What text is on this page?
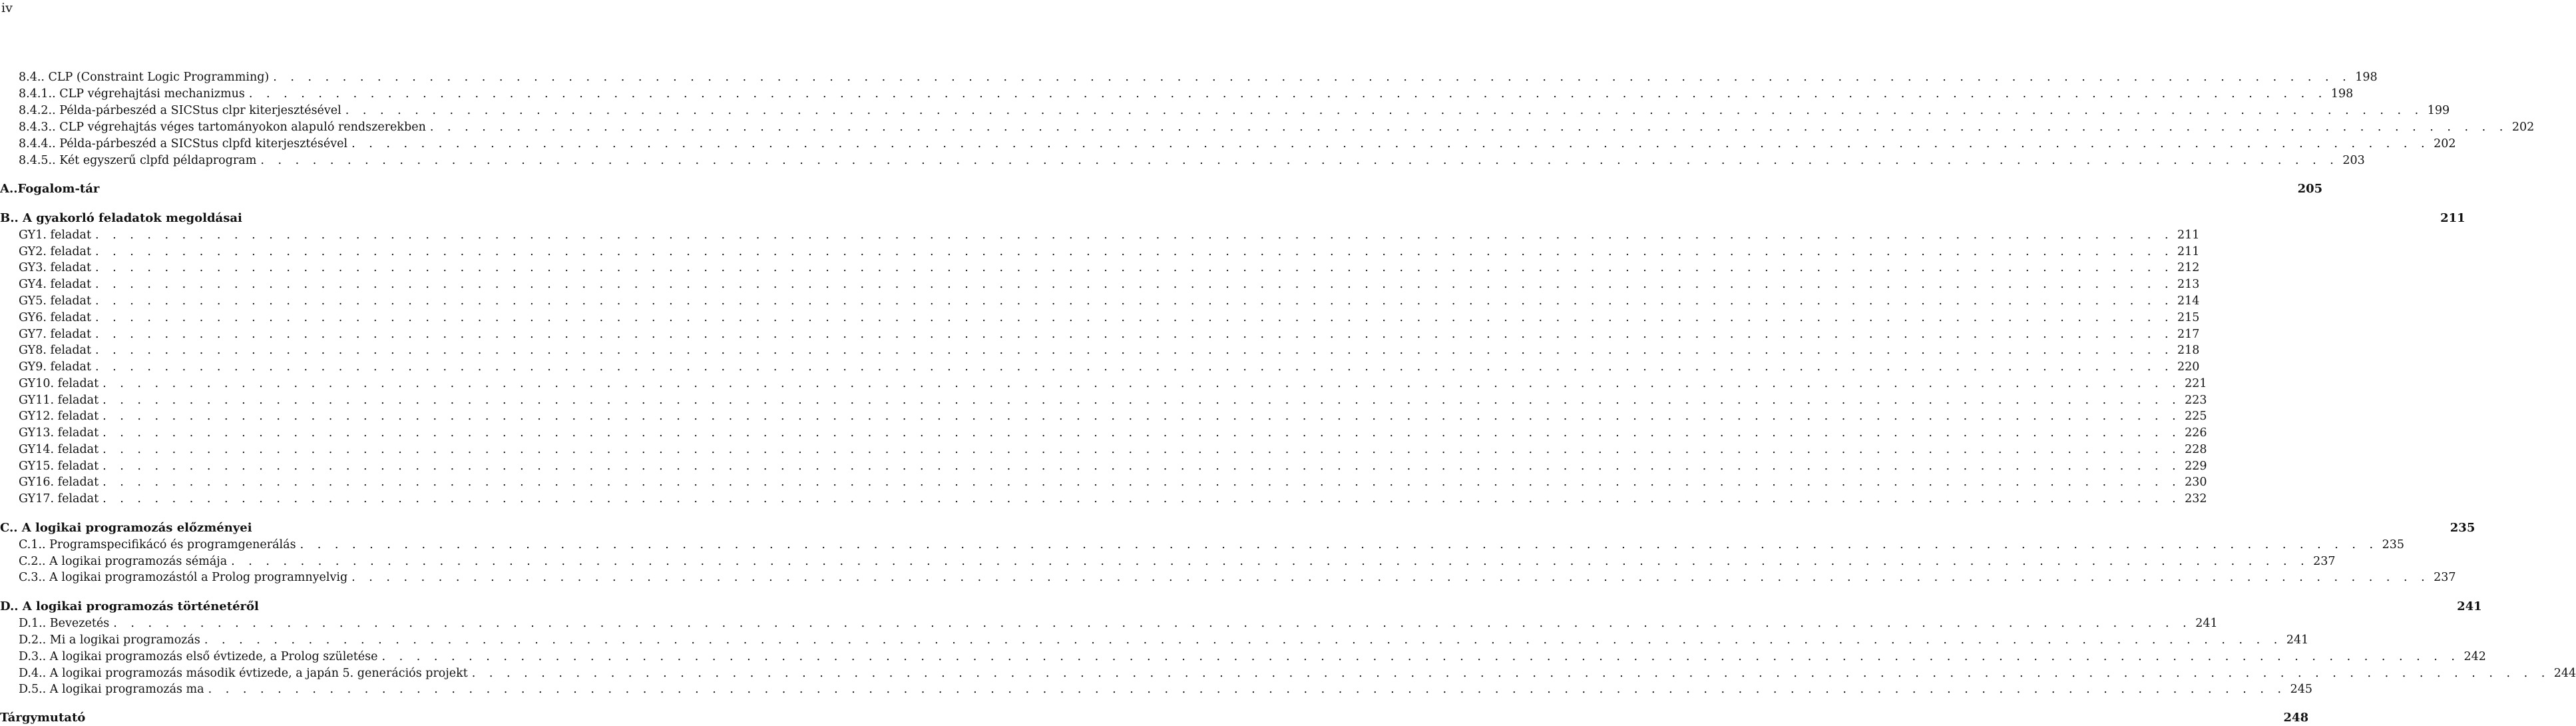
iv
8.4.. CLP (Constraint Logic Programming) . . . . . . . . . . . . . . . . . . . . . . . . . . . . . . . . . . . . . . . . . . . . . . . . . . . . . . . . . . . . . . . . . . . . . . . . . . . . . . . . . . . . . . . . . . . . . . . . . . . . . . . . . . . . . . . . . . . . . . . . 198
8.4.1.. CLP végrehajtási mechanizmus . . . . . . . . . . . . . . . . . . . . . . . . . . . . . . . . . . . . . . . . . . . . . . . . . . . . . . . . . . . . . . . . . . . . . . . . . . . . . . . . . . . . . . . . . . . . . . . . . . . . . . . . . . . . . . . . . . . . . . . . 198
8.4.2.. Példa-párbeszéd a SICStus clpr kiterjesztésével . . . . . . . . . . . . . . . . . . . . . . . . . . . . . . . . . . . . . . . . . . . . . . . . . . . . . . . . . . . . . . . . . . . . . . . . . . . . . . . . . . . . . . . . . . . . . . . . . . . . . . . . . . . . . . . . . . . . . . . . 199
8.4.3.. CLP végrehajtás véges tartományokon alapuló rendszerekben . . . . . . . . . . . . . . . . . . . . . . . . . . . . . . . . . . . . . . . . . . . . . . . . . . . . . . . . . . . . . . . . . . . . . . . . . . . . . . . . . . . . . . . . . . . . . . . . . . . . . . . . . . . . . . . . . . . . . . . . 202
8.4.4.. Példa-párbeszéd a SICStus clpfd kiterjesztésével . . . . . . . . . . . . . . . . . . . . . . . . . . . . . . . . . . . . . . . . . . . . . . . . . . . . . . . . . . . . . . . . . . . . . . . . . . . . . . . . . . . . . . . . . . . . . . . . . . . . . . . . . . . . . . . . . . . . . . . . 202
8.4.5.. Két egyszerű clpfd példaprogram . . . . . . . . . . . . . . . . . . . . . . . . . . . . . . . . . . . . . . . . . . . . . . . . . . . . . . . . . . . . . . . . . . . . . . . . . . . . . . . . . . . . . . . . . . . . . . . . . . . . . . . . . . . . . . . . . . . . . . . . 203
A..Fogalom-tár	205
B.. A gyakorló feladatok megoldásai	211
GY1. feladat . . . . . . . . . . . . . . . . . . . . . . . . . . . . . . . . . . . . . . . . . . . . . . . . . . . . . . . . . . . . . . . . . . . . . . . . . . . . . . . . . . . . . . . . . . . . . . . . . . . . . . . . . . . . . . . . . . . . . . . . 211
GY2. feladat . . . . . . . . . . . . . . . . . . . . . . . . . . . . . . . . . . . . . . . . . . . . . . . . . . . . . . . . . . . . . . . . . . . . . . . . . . . . . . . . . . . . . . . . . . . . . . . . . . . . . . . . . . . . . . . . . . . . . . . . 211
GY3. feladat . . . . . . . . . . . . . . . . . . . . . . . . . . . . . . . . . . . . . . . . . . . . . . . . . . . . . . . . . . . . . . . . . . . . . . . . . . . . . . . . . . . . . . . . . . . . . . . . . . . . . . . . . . . . . . . . . . . . . . . . 212
GY4. feladat . . . . . . . . . . . . . . . . . . . . . . . . . . . . . . . . . . . . . . . . . . . . . . . . . . . . . . . . . . . . . . . . . . . . . . . . . . . . . . . . . . . . . . . . . . . . . . . . . . . . . . . . . . . . . . . . . . . . . . . . 213
GY5. feladat . . . . . . . . . . . . . . . . . . . . . . . . . . . . . . . . . . . . . . . . . . . . . . . . . . . . . . . . . . . . . . . . . . . . . . . . . . . . . . . . . . . . . . . . . . . . . . . . . . . . . . . . . . . . . . . . . . . . . . . . 214
GY6. feladat . . . . . . . . . . . . . . . . . . . . . . . . . . . . . . . . . . . . . . . . . . . . . . . . . . . . . . . . . . . . . . . . . . . . . . . . . . . . . . . . . . . . . . . . . . . . . . . . . . . . . . . . . . . . . . . . . . . . . . . . 215
GY7. feladat . . . . . . . . . . . . . . . . . . . . . . . . . . . . . . . . . . . . . . . . . . . . . . . . . . . . . . . . . . . . . . . . . . . . . . . . . . . . . . . . . . . . . . . . . . . . . . . . . . . . . . . . . . . . . . . . . . . . . . . . 217
GY8. feladat . . . . . . . . . . . . . . . . . . . . . . . . . . . . . . . . . . . . . . . . . . . . . . . . . . . . . . . . . . . . . . . . . . . . . . . . . . . . . . . . . . . . . . . . . . . . . . . . . . . . . . . . . . . . . . . . . . . . . . . . 218
GY9. feladat . . . . . . . . . . . . . . . . . . . . . . . . . . . . . . . . . . . . . . . . . . . . . . . . . . . . . . . . . . . . . . . . . . . . . . . . . . . . . . . . . . . . . . . . . . . . . . . . . . . . . . . . . . . . . . . . . . . . . . . . 220
GY10. feladat . . . . . . . . . . . . . . . . . . . . . . . . . . . . . . . . . . . . . . . . . . . . . . . . . . . . . . . . . . . . . . . . . . . . . . . . . . . . . . . . . . . . . . . . . . . . . . . . . . . . . . . . . . . . . . . . . . . . . . . . 221
GY11. feladat . . . . . . . . . . . . . . . . . . . . . . . . . . . . . . . . . . . . . . . . . . . . . . . . . . . . . . . . . . . . . . . . . . . . . . . . . . . . . . . . . . . . . . . . . . . . . . . . . . . . . . . . . . . . . . . . . . . . . . . . 223
GY12. feladat . . . . . . . . . . . . . . . . . . . . . . . . . . . . . . . . . . . . . . . . . . . . . . . . . . . . . . . . . . . . . . . . . . . . . . . . . . . . . . . . . . . . . . . . . . . . . . . . . . . . . . . . . . . . . . . . . . . . . . . . 225
GY13. feladat . . . . . . . . . . . . . . . . . . . . . . . . . . . . . . . . . . . . . . . . . . . . . . . . . . . . . . . . . . . . . . . . . . . . . . . . . . . . . . . . . . . . . . . . . . . . . . . . . . . . . . . . . . . . . . . . . . . . . . . . 226
GY14. feladat . . . . . . . . . . . . . . . . . . . . . . . . . . . . . . . . . . . . . . . . . . . . . . . . . . . . . . . . . . . . . . . . . . . . . . . . . . . . . . . . . . . . . . . . . . . . . . . . . . . . . . . . . . . . . . . . . . . . . . . . 228
GY15. feladat . . . . . . . . . . . . . . . . . . . . . . . . . . . . . . . . . . . . . . . . . . . . . . . . . . . . . . . . . . . . . . . . . . . . . . . . . . . . . . . . . . . . . . . . . . . . . . . . . . . . . . . . . . . . . . . . . . . . . . . . 229
GY16. feladat . . . . . . . . . . . . . . . . . . . . . . . . . . . . . . . . . . . . . . . . . . . . . . . . . . . . . . . . . . . . . . . . . . . . . . . . . . . . . . . . . . . . . . . . . . . . . . . . . . . . . . . . . . . . . . . . . . . . . . . . 230
GY17. feladat . . . . . . . . . . . . . . . . . . . . . . . . . . . . . . . . . . . . . . . . . . . . . . . . . . . . . . . . . . . . . . . . . . . . . . . . . . . . . . . . . . . . . . . . . . . . . . . . . . . . . . . . . . . . . . . . . . . . . . . . 232
C.. A logikai programozás előzményei	235
C.1.. Programspecifikácó és programgenerálás . . . . . . . . . . . . . . . . . . . . . . . . . . . . . . . . . . . . . . . . . . . . . . . . . . . . . . . . . . . . . . . . . . . . . . . . . . . . . . . . . . . . . . . . . . . . . . . . . . . . . . . . . . . . . . . . . . . . . . . . 235
C.2.. A logikai programozás sémája . . . . . . . . . . . . . . . . . . . . . . . . . . . . . . . . . . . . . . . . . . . . . . . . . . . . . . . . . . . . . . . . . . . . . . . . . . . . . . . . . . . . . . . . . . . . . . . . . . . . . . . . . . . . . . . . . . . . . . . . 237
C.3.. A logikai programozástól a Prolog programnyelvig . . . . . . . . . . . . . . . . . . . . . . . . . . . . . . . . . . . . . . . . . . . . . . . . . . . . . . . . . . . . . . . . . . . . . . . . . . . . . . . . . . . . . . . . . . . . . . . . . . . . . . . . . . . . . . . . . . . . . . . . 237
D.. A logikai programozás történetéről	241
D.1.. Bevezetés . . . . . . . . . . . . . . . . . . . . . . . . . . . . . . . . . . . . . . . . . . . . . . . . . . . . . . . . . . . . . . . . . . . . . . . . . . . . . . . . . . . . . . . . . . . . . . . . . . . . . . . . . . . . . . . . . . . . . . . . 241
D.2.. Mi a logikai programozás . . . . . . . . . . . . . . . . . . . . . . . . . . . . . . . . . . . . . . . . . . . . . . . . . . . . . . . . . . . . . . . . . . . . . . . . . . . . . . . . . . . . . . . . . . . . . . . . . . . . . . . . . . . . . . . . . . . . . . . . 241
D.3.. A logikai programozás első évtizede, a Prolog születése . . . . . . . . . . . . . . . . . . . . . . . . . . . . . . . . . . . . . . . . . . . . . . . . . . . . . . . . . . . . . . . . . . . . . . . . . . . . . . . . . . . . . . . . . . . . . . . . . . . . . . . . . . . . . . . . . . . . . . . . 242
D.4.. A logikai programozás második évtizede, a japán 5. generációs projekt . . . . . . . . . . . . . . . . . . . . . . . . . . . . . . . . . . . . . . . . . . . . . . . . . . . . . . . . . . . . . . . . . . . . . . . . . . . . . . . . . . . . . . . . . . . . . . . . . . . . . . . . . . . . . . . . . . . . . . . . 244
D.5.. A logikai programozás ma . . . . . . . . . . . . . . . . . . . . . . . . . . . . . . . . . . . . . . . . . . . . . . . . . . . . . . . . . . . . . . . . . . . . . . . . . . . . . . . . . . . . . . . . . . . . . . . . . . . . . . . . . . . . . . . . . . . . . . . . 245
Tárgymutató	248
